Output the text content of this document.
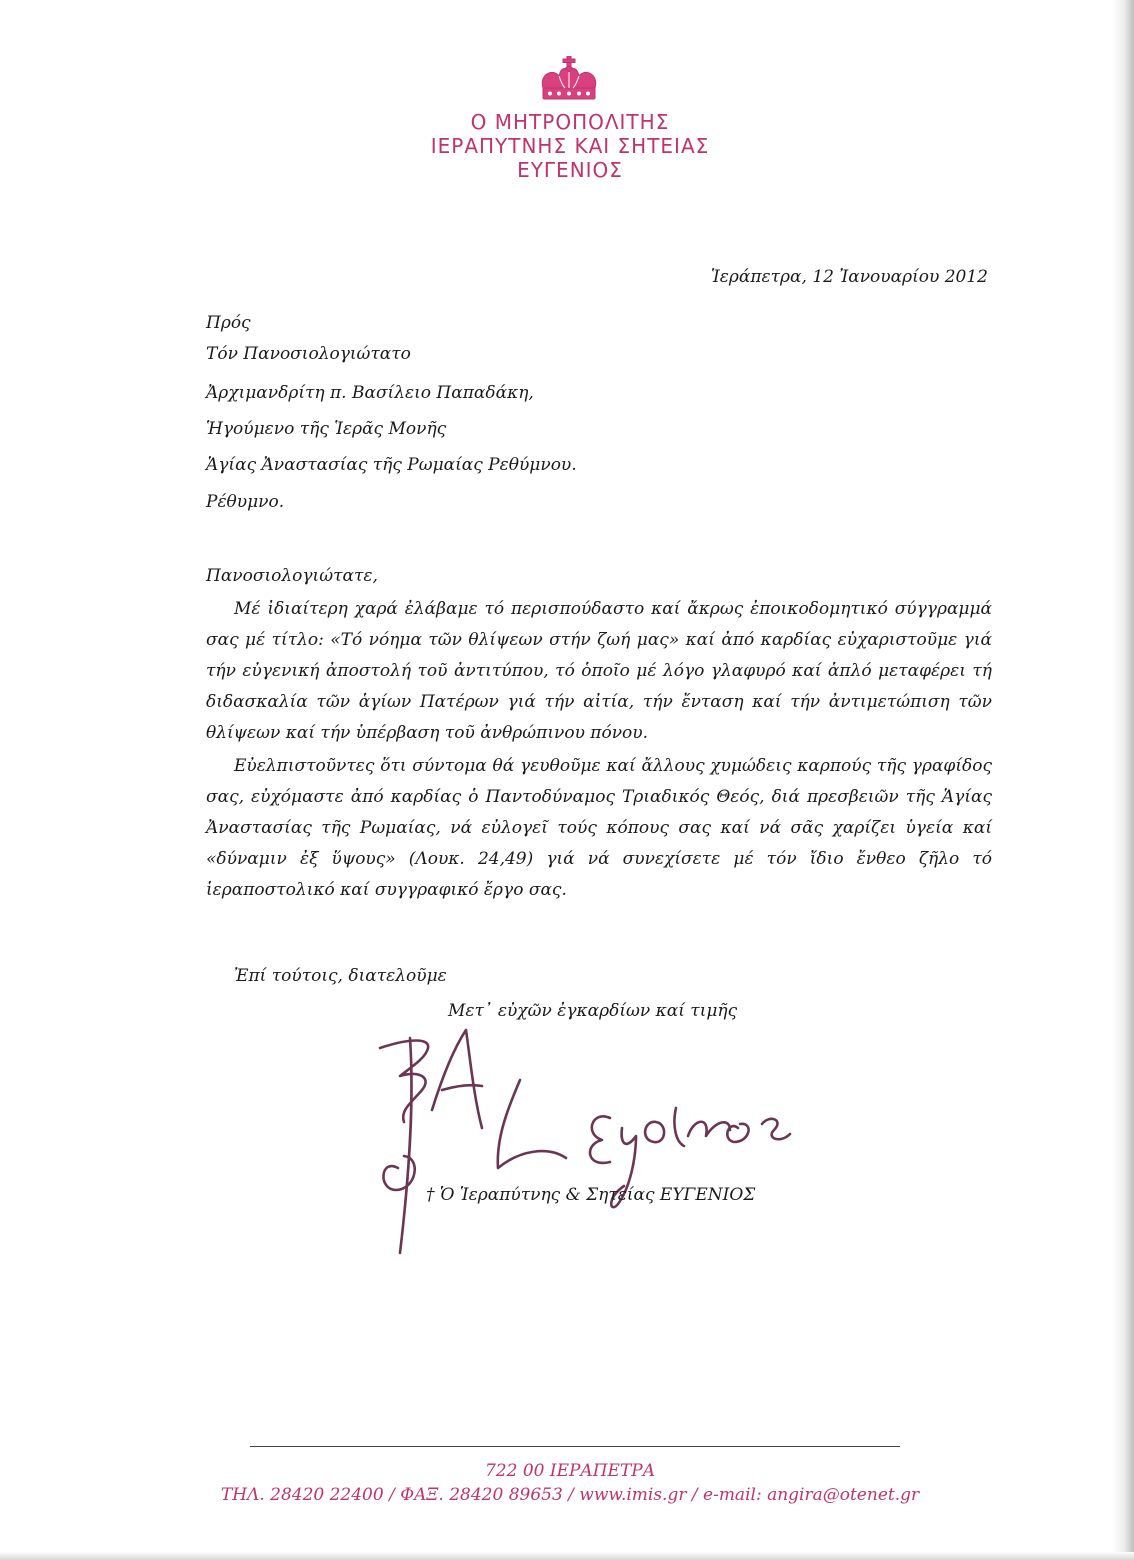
Ο ΜΗΤΡΟΠΟΛΙΤΗΣ
ΙΕΡΑΠΥΤΝΗΣ ΚΑΙ ΣΗΤΕΙΑΣ
ΕΥΓΕΝΙΟΣ
Ἱεράπετρα, 12 Ἰανουαρίου 2012
Πρός
Τόν Πανοσιολογιώτατο
Ἀρχιμανδρίτη π. Βασίλειο Παπαδάκη,
Ἡγούμενο τῆς Ἱερᾶς Μονῆς
Ἁγίας Ἀναστασίας τῆς Ρωμαίας Ρεθύμνου.
Ρέθυμνο.
Πανοσιολογιώτατε,

Μέ ἰδιαίτερη χαρά ἐλάβαμε τό περισπούδαστο καί ἄκρως ἐποικοδομητικό σύγγραμμά σας μέ τίτλο: «Τό νόημα τῶν θλίψεων στήν ζωή μας» καί ἀπό καρδίας εὐχαριστοῦμε γιά τήν εὐγενική ἀποστολή τοῦ ἀντιτύπου, τό ὁποῖο μέ λόγο γλαφυρό καί ἁπλό μεταφέρει τή διδασκαλία τῶν ἁγίων Πατέρων γιά τήν αἰτία, τήν ἔνταση καί τήν ἀντιμετώπιση τῶν θλίψεων καί τήν ὑπέρβαση τοῦ ἀνθρώπινου πόνου.

Εὐελπιστοῦντες ὅτι σύντομα θά γευθοῦμε καί ἄλλους χυμώδεις καρπούς τῆς γραφίδος σας, εὐχόμαστε ἀπό καρδίας ὁ Παντοδύναμος Τριαδικός Θεός, διά πρεσβειῶν τῆς Ἁγίας Ἀναστασίας τῆς Ρωμαίας, νά εὐλογεῖ τούς κόπους σας καί νά σᾶς χαρίζει ὑγεία καί «δύναμιν ἐξ ὕψους» (Λουκ. 24,49) γιά νά συνεχίσετε μέ τόν ἴδιο ἔνθεο ζῆλο τό ἱεραποστολικό καί συγγραφικό ἔργο σας.

Ἐπί τούτοις, διατελοῦμε
Μετ᾽ εὐχῶν ἐγκαρδίων καί τιμῆς
† Ὁ Ἱεραπύτνης & Σητείας ΕΥΓΕΝΙΟΣ
722 00 ΙΕΡΑΠΕΤΡΑ
ΤΗΛ. 28420 22400 / ΦΑΞ. 28420 89653 / www.imis.gr / e-mail: angira@otenet.gr
